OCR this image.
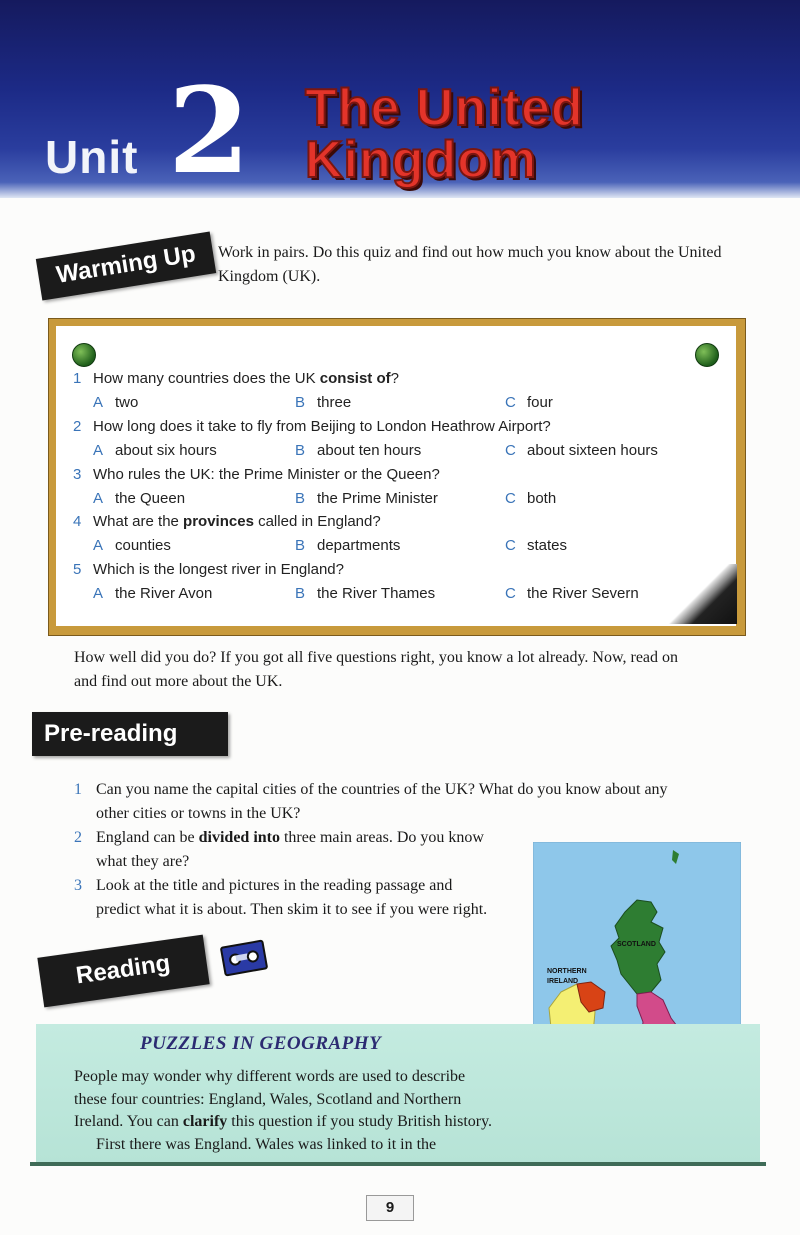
Unit 2 The United
Kingdom
Warming Up	Work in pairs. Do this quiz and find out how much you know about the United Kingdom (UK).
1 How many countries does the UK consist of?
A two	B three	C four
2 How long does it take to fly from Beijing to London Heathrow Airport?
A about six hours	B about ten hours	C about sixteen hours
3 Who rules the UK: the Prime Minister or the Queen?
A the Queen	B the Prime Minister	C both
4 What are the provinces called in England?
A counties	B departments	C states
5 Which is the longest river in England?
A the River Avon	B the River Thames	C the River Severn
How well did you do? If you got all five questions right, you know a lot already. Now, read on
and find out more about the UK.
Pre-reading
1 Can you name the capital cities of the countries of the UK? What do you know about any
other cities or towns in the UK?
2 England can be divided into three main areas. Do you know
what they are?
3 Look at the title and pictures in the reading passage and
predict what it is about. Then skim it to see if you were right.
SCOTLAND
NORTHERN
IRELAND
Reading
PUZZLES IN GEOGRAPHY
People may wonder why different words are used to describe
these four countries: England, Wales, Scotland and Northern
Ireland. You can clarify this question if you study British history.
First there was England. Wales was linked to it in the
9
